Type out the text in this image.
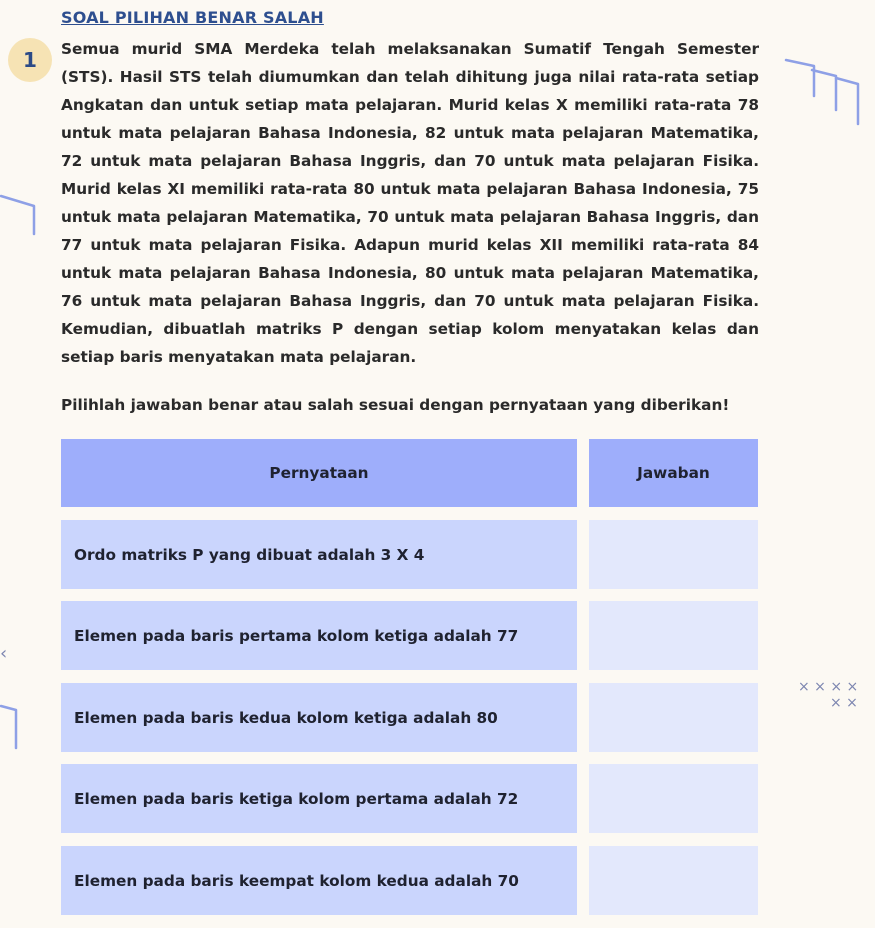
‹
× × × ×
× ×
SOAL PILIHAN BENAR SALAH
1	Semua murid SMA Merdeka telah melaksanakan Sumatif Tengah Semester (STS). Hasil STS telah diumumkan dan telah dihitung juga nilai rata-rata setiap Angkatan dan untuk setiap mata pelajaran. Murid kelas X memiliki rata-rata 78 untuk mata pelajaran Bahasa Indonesia, 82 untuk mata pelajaran Matematika, 72 untuk mata pelajaran Bahasa Inggris, dan 70 untuk mata pelajaran Fisika. Murid kelas XI memiliki rata-rata 80 untuk mata pelajaran Bahasa Indonesia, 75 untuk mata pelajaran Matematika, 70 untuk mata pelajaran Bahasa Inggris, dan 77 untuk mata pelajaran Fisika. Adapun murid kelas XII memiliki rata-rata 84 untuk mata pelajaran Bahasa Indonesia, 80 untuk mata pelajaran Matematika, 76 untuk mata pelajaran Bahasa Inggris, dan 70 untuk mata pelajaran Fisika. Kemudian, dibuatlah matriks P dengan setiap kolom menyatakan kelas dan setiap baris menyatakan mata pelajaran.

Pilihlah jawaban benar atau salah sesuai dengan pernyataan yang diberikan!

Pernyataan	Jawaban
Ordo matriks P yang dibuat adalah 3 X 4
Elemen pada baris pertama kolom ketiga adalah 77
Elemen pada baris kedua kolom ketiga adalah 80
Elemen pada baris ketiga kolom pertama adalah 72
Elemen pada baris keempat kolom kedua adalah 70
